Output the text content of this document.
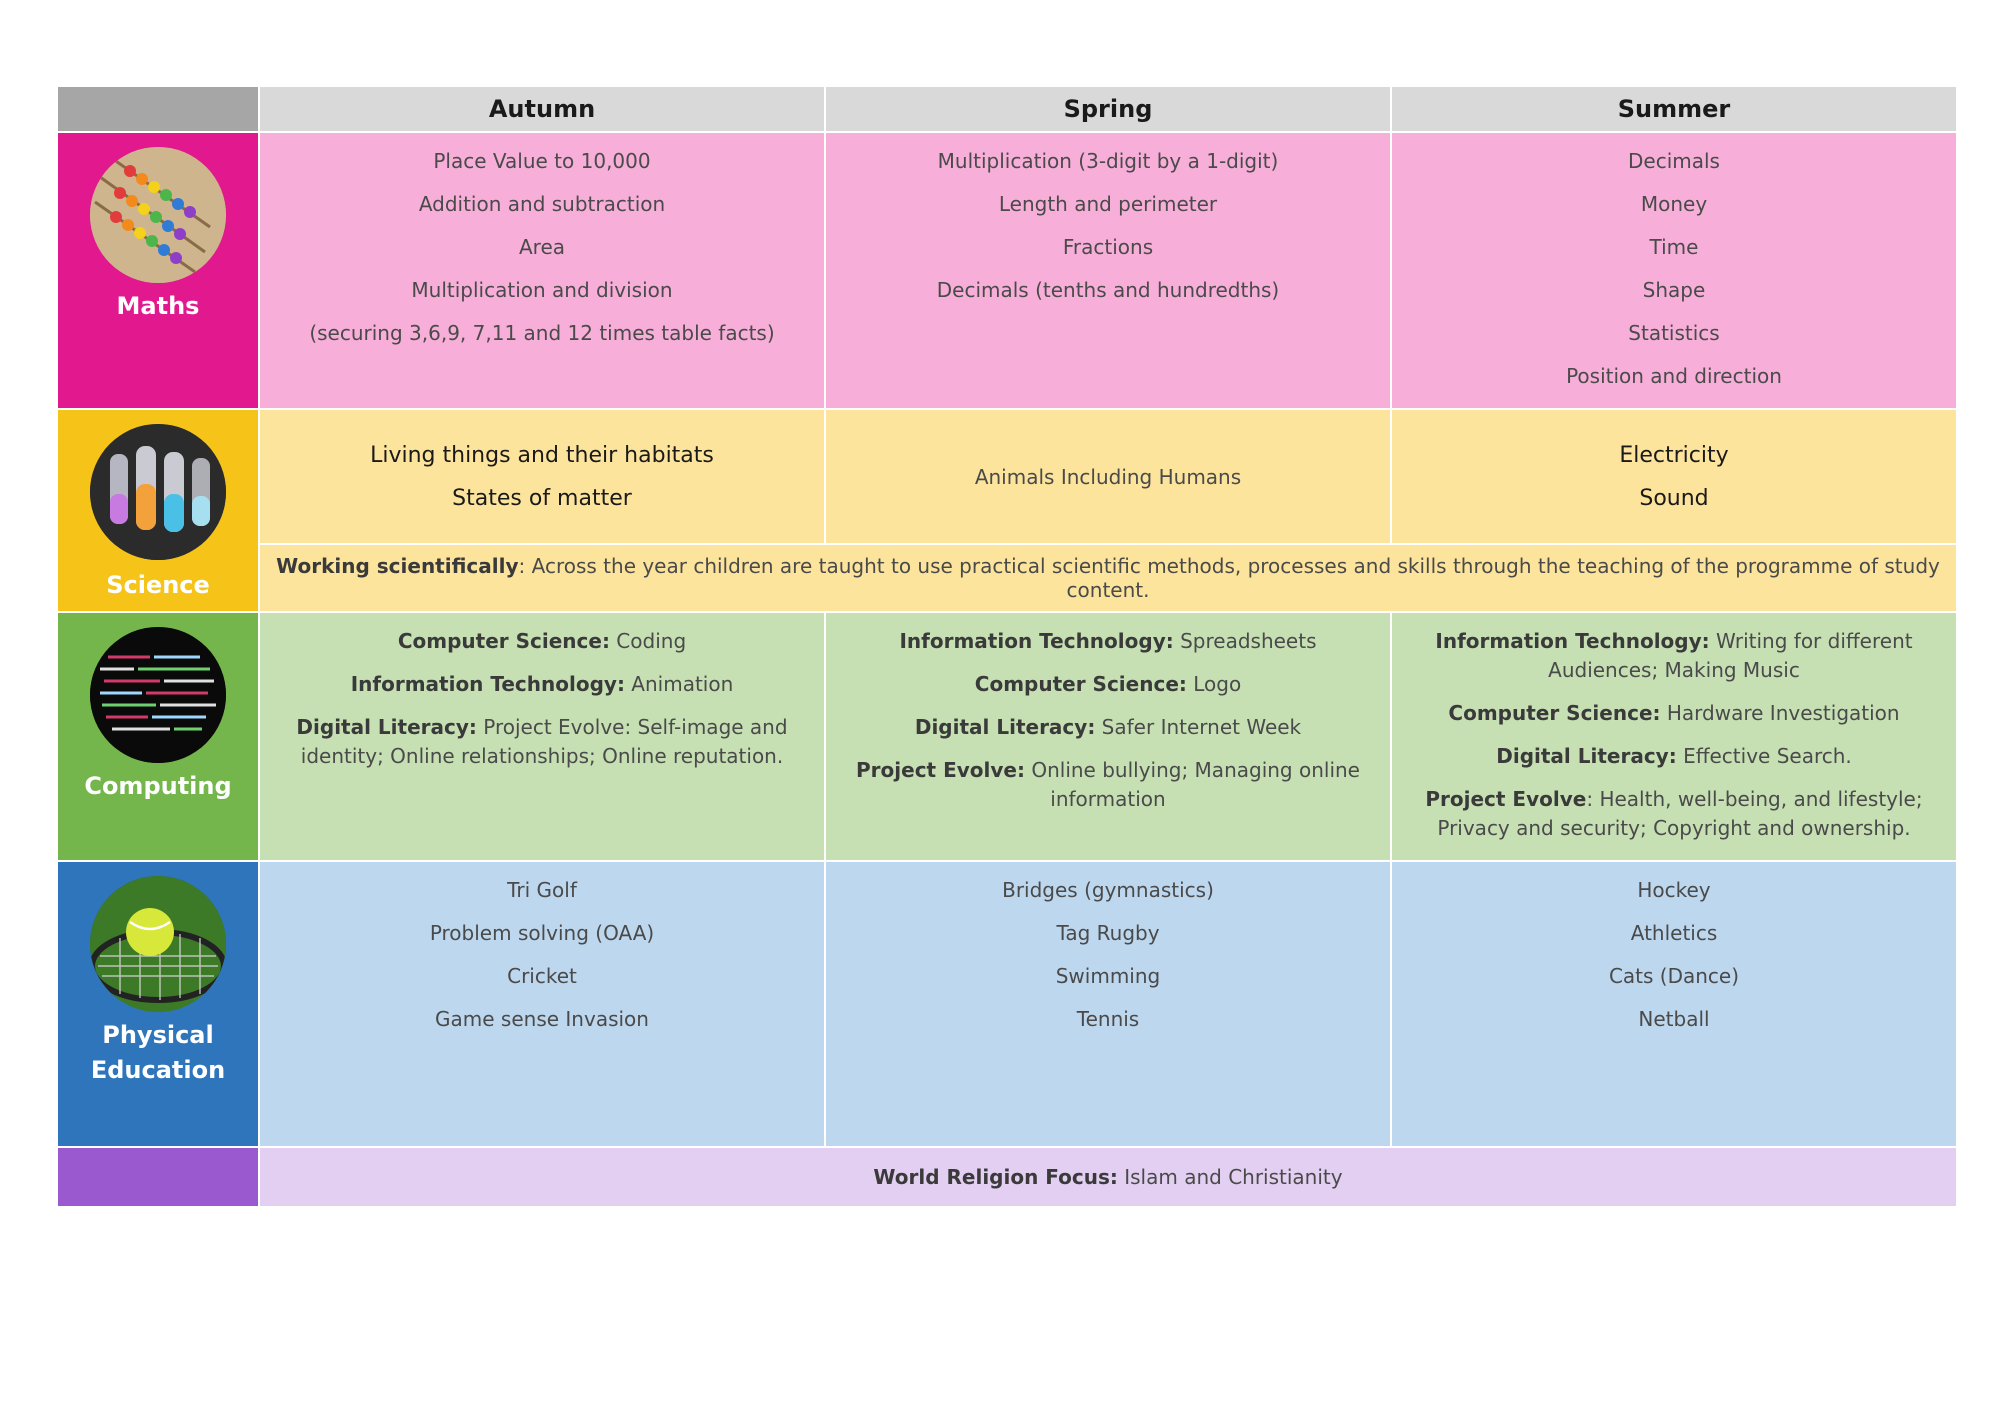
Autumn	Spring	Summer
Maths
Place Value to 10,000
Addition and subtraction
Area
Multiplication and division
(securing 3,6,9, 7,11 and 12 times table facts)
Multiplication (3-digit by a 1-digit)
Length and perimeter
Fractions
Decimals (tenths and hundredths)
Decimals
Money
Time
Shape
Statistics
Position and direction
Science
Living things and their habitats
States of matter
Animals Including Humans
Electricity
Sound
Working scientifically: Across the year children are taught to use practical scientific methods, processes and skills through the teaching of the programme of study content.
Computing
Computer Science: Coding
Information Technology: Animation
Digital Literacy: Project Evolve: Self-image and identity; Online relationships; Online reputation.
Information Technology: Spreadsheets
Computer Science: Logo
Digital Literacy: Safer Internet Week
Project Evolve: Online bullying; Managing online information
Information Technology: Writing for different Audiences; Making Music
Computer Science: Hardware Investigation
Digital Literacy: Effective Search.
Project Evolve: Health, well-being, and lifestyle; Privacy and security; Copyright and ownership.
Physical
Education
Tri Golf
Problem solving (OAA)
Cricket
Game sense Invasion
Bridges (gymnastics)
Tag Rugby
Swimming
Tennis
Hockey
Athletics
Cats (Dance)
Netball
World Religion Focus: Islam and Christianity
